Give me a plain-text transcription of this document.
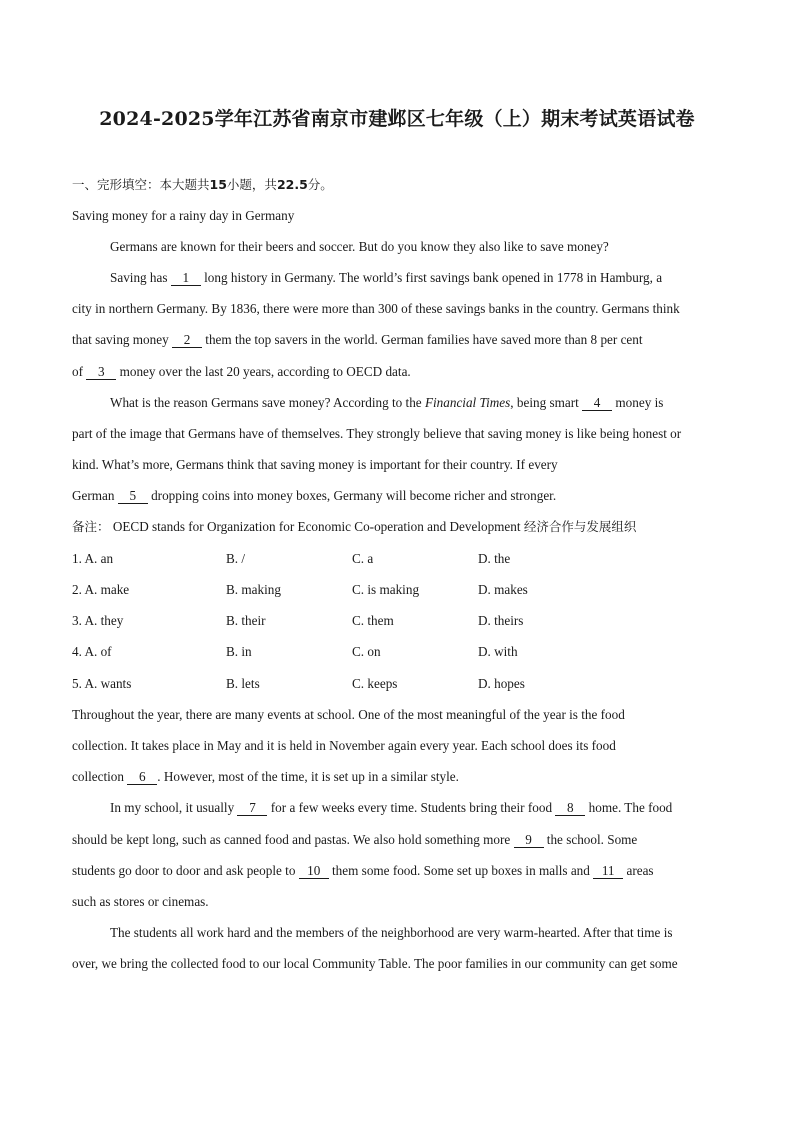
2024-2025学年江苏省南京市建邺区七年级（上）期末考试英语试卷
一、完形填空：本大题共15小题，共22.5分。
Saving money for a rainy day in Germany
Germans are known for their beers and soccer. But do you know they also like to save money?
Saving has   1   long history in Germany. The world’s first savings bank opened in 1778 in Hamburg, a
city in northern Germany. By 1836, there were more than 300 of these savings banks in the country. Germans think
that saving money   2   them the top savers in the world. German families have saved more than 8 per cent
of   3   money over the last 20 years, according to OECD data.
What is the reason Germans save money? According to the Financial Times, being smart   4   money is
part of the image that Germans have of themselves. They strongly believe that saving money is like being honest or
kind. What’s more, Germans think that saving money is important for their country. If every
German   5   dropping coins into money boxes, Germany will become richer and stronger.
备注： OECD stands for Organization for Economic Co-operation and Development 经济合作与发展组织
1. A. an	B. /	C. a	D. the
2. A. make	B. making	C. is making	D. makes
3. A. they	B. their	C. them	D. theirs
4. A. of	B. in	C. on	D. with
5. A. wants	B. lets	C. keeps	D. hopes
Throughout the year, there are many events at school. One of the most meaningful of the year is the food
collection. It takes place in May and it is held in November again every year. Each school does its food
collection   6  . However, most of the time, it is set up in a similar style.
In my school, it usually   7   for a few weeks every time. Students bring their food   8   home. The food
should be kept long, such as canned food and pastas. We also hold something more   9   the school. Some
students go door to door and ask people to   10   them some food. Some set up boxes in malls and   11   areas
such as stores or cinemas.
The students all work hard and the members of the neighborhood are very warm-hearted. After that time is
over, we bring the collected food to our local Community Table. The poor families in our community can get some
